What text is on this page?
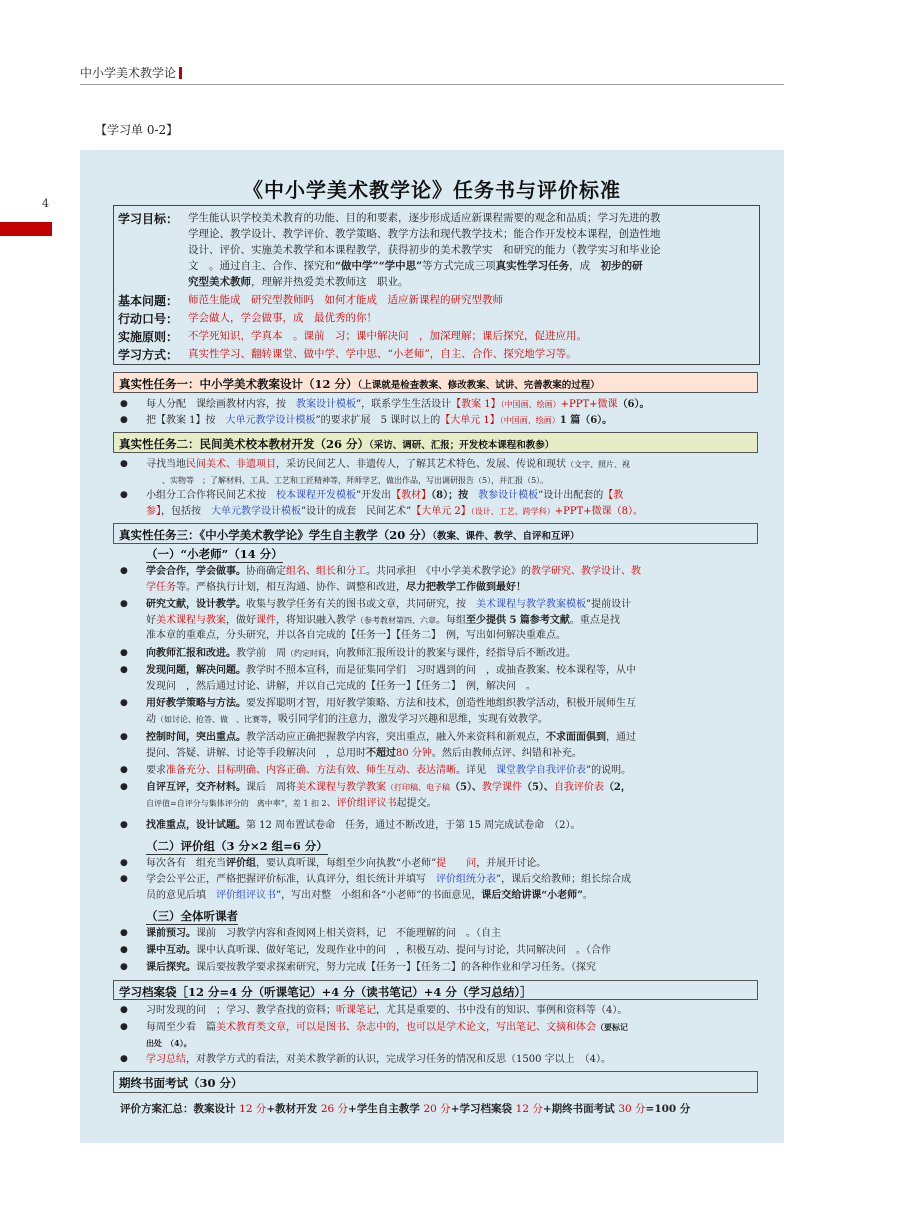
中小学美术教学论
4
【学习单 0-2】
《中小学美术教学论》任务书与评价标准
学习目标： 学生能认识学校美术教育的功能、目的和要素，逐步形成适应新课程需要的观念和品质；学习先进的教
学理论、教学设计、教学评价、教学策略、教学方法和现代教学技术；能合作开发校本课程，创造性地
设计、评价、实施美术教学和本课程教学，获得初步的美术教学实　和研究的能力（教学实习和毕业论
文　。通过自主、合作、探究和“做中学”“学中思”等方式完成三项真实性学习任务，成　初步的研
究型美术教师，理解并热爱美术教师这　职业。
基本问题： 师范生能成　研究型教师吗　如何才能成　适应新课程的研究型教师
行动口号： 学会做人，学会做事，成　最优秀的你！
实施原则： 不学死知识，学真本　。课前　习；课中解决问　，加深理解；课后探究，促进应用。
学习方式： 真实性学习、翻转课堂、做中学、学中思、“小老师”，自主、合作、探究地学习等。
真实性任务一：中小学美术教案设计（12 分）（上课就是检查教案、修改教案、试讲、完善教案的过程）
● 每人分配　课绘画教材内容，按　教案设计模板”，联系学生生活设计【教案 1】（中国画、绘画）+PPT+微课（6）。
● 把【教案 1】按　大单元教学设计模板”的要求扩展　5 课时以上的【大单元 1】（中国画、绘画）1 篇（6）。
真实性任务二：民间美术校本教材开发（26 分）（采访、调研、汇报；开发校本课程和教参）
● 寻找当地民间美术、非遗项目，采访民间艺人、非遗传人，了解其艺术特色、发展、传说和现状（文字、照片、视
　　、实物等　；了解材料、工具、工艺和工匠精神等，拜师学艺，做出作品，写出调研报告（5），并汇报（5）。
● 小组分工合作将民间艺术按　校本课程开发模板”开发出【教材】（8）；按　教参设计模板”设计出配套的【教
参】，包括按　大单元教学设计模板”设计的成套　民间艺术”【大单元 2】（设计、工艺、跨学科）+PPT+微课（8）。
真实性任务三：《中小学美术教学论》学生自主教学（20 分）（教案、课件、教学、自评和互评）
（一）“小老师”（14 分）
● 学会合作，学会做事。协商确定组名、组长和分工。共同承担　《中小学美术教学论》的教学研究、教学设计、教
学任务等。严格执行计划，相互沟通、协作、调整和改进，尽力把教学工作做到最好！
● 研究文献，设计教学。收集与教学任务有关的图书或文章，共同研究，按　美术课程与教学教案模板”提前设计
好美术课程与教案，做好课件，将知识融入教学（参考教材第四、六章。每组至少提供 5 篇参考文献。重点是找
准本章的重难点，分头研究，并以各自完成的【任务一】【任务二】　例，写出如何解决重难点。
● 向教师汇报和改进。教学前　周（约定时间，向教师汇报所设计的教案与课件，经指导后不断改进。
● 发现问题，解决问题。教学时不照本宣科，而是征集同学们　习时遇到的问　，或抽查教案、校本课程等，从中
发现问　，然后通过讨论、讲解，并以自己完成的【任务一】【任务二】　例，解决问　。
● 用好教学策略与方法。要发挥聪明才智，用好教学策略、方法和技术，创造性地组织教学活动，积极开展师生互
动（如讨论、抢答、做　、比赛等，吸引同学们的注意力，激发学习兴趣和思维，实现有效教学。
● 控制时间，突出重点。教学活动应正确把握教学内容，突出重点，融入外来资料和新观点，不求面面俱到，通过
提问、答疑、讲解、讨论等手段解决问　，总用时不超过80 分钟。然后由教师点评、纠错和补充。
● 要求准备充分、目标明确、内容正确、方法有效、师生互动、表达清晰。详见　课堂教学自我评价表”的说明。
● 自评互评，交齐材料。课后　周将美术课程与教学教案（打印稿、电子稿（5）、教学课件（5）、自我评价表（2，
自评值=自评分与集体评分的　离中率”，差 1 扣 2、评价组评议书起提交。
● 找准重点，设计试题。第 12 周布置试卷命　任务，通过不断改进，于第 15 周完成试卷命　（2）。
（二）评价组（3 分×2 组=6 分）
● 每次各有　组充当评价组，要认真听课，每组至少向执教“小老师”提　　问，并展开讨论。
● 学会公平公正，严格把握评价标准，认真评分，组长统计并填写　评价组统分表”，课后交给教师；组长综合成
员的意见后填　评价组评议书”，写出对整　小组和各“小老师”的书面意见，课后交给讲课“小老师”。
（三）全体听课者
● 课前预习。课前　习教学内容和查阅网上相关资料，记　不能理解的问　。（自主
● 课中互动。课中认真听课、做好笔记，发现作业中的问　，积极互动、提问与讨论，共同解决问　。（合作
● 课后探究。课后要按教学要求探索研究，努力完成【任务一】【任务二】的各种作业和学习任务。（探究
学习档案袋［12 分=4 分（听课笔记）+4 分（读书笔记）+4 分（学习总结）］
● 习时发现的问　；学习、教学查找的资料；听课笔记，尤其是重要的、书中没有的知识、事例和资料等（4）。
● 每周至少看　篇美术教育类文章，可以是图书、杂志中的，也可以是学术论文，写出笔记、文摘和体会（要标记
出处　（4）。
● 学习总结，对教学方式的看法，对美术教学新的认识，完成学习任务的情况和反思（1500 字以上　（4）。
期终书面考试（30 分）
评价方案汇总：教案设计 12 分+教材开发 26 分+学生自主教学 20 分+学习档案袋 12 分+期终书面考试 30 分=100 分
